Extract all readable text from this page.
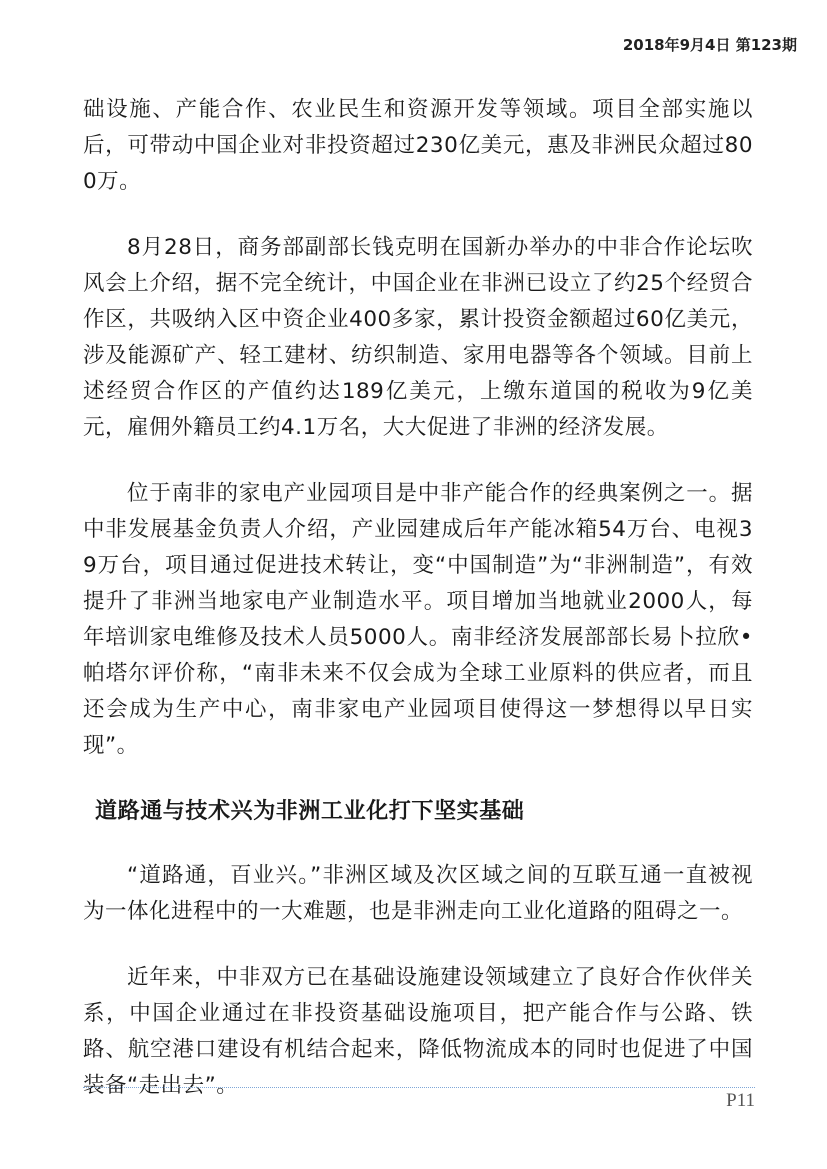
2018年9月4日 第123期

础设施、产能合作、农业民生和资源开发等领域。项目全部实施以后，可带动中国企业对非投资超过230亿美元，惠及非洲民众超过800万。

8月28日，商务部副部长钱克明在国新办举办的中非合作论坛吹风会上介绍，据不完全统计，中国企业在非洲已设立了约25个经贸合作区，共吸纳入区中资企业400多家，累计投资金额超过60亿美元，涉及能源矿产、轻工建材、纺织制造、家用电器等各个领域。目前上述经贸合作区的产值约达189亿美元，上缴东道国的税收为9亿美元，雇佣外籍员工约4.1万名，大大促进了非洲的经济发展。

位于南非的家电产业园项目是中非产能合作的经典案例之一。据中非发展基金负责人介绍，产业园建成后年产能冰箱54万台、电视39万台，项目通过促进技术转让，变“中国制造”为“非洲制造”，有效提升了非洲当地家电产业制造水平。项目增加当地就业2000人，每年培训家电维修及技术人员5000人。南非经济发展部部长易卜拉欣•帕塔尔评价称，“南非未来不仅会成为全球工业原料的供应者，而且还会成为生产中心，南非家电产业园项目使得这一梦想得以早日实现”。

道路通与技术兴为非洲工业化打下坚实基础

“道路通，百业兴。”非洲区域及次区域之间的互联互通一直被视为一体化进程中的一大难题，也是非洲走向工业化道路的阻碍之一。

近年来，中非双方已在基础设施建设领域建立了良好合作伙伴关系，中国企业通过在非投资基础设施项目，把产能合作与公路、铁路、航空港口建设有机结合起来，降低物流成本的同时也促进了中国装备“走出去”。

P11
